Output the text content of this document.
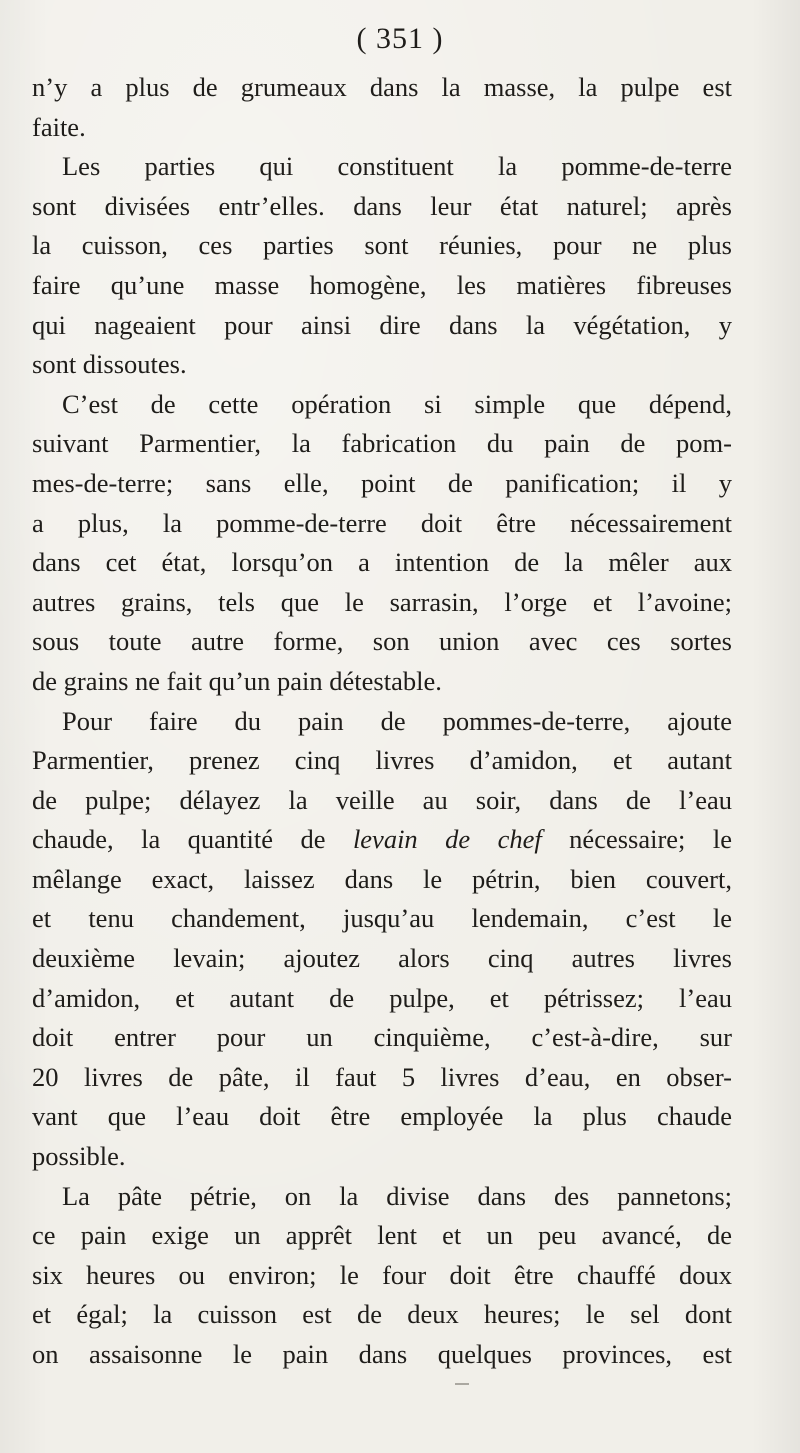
( 351 )
n’y a plus de grumeaux dans la masse, la pulpe est
faite.
Les parties qui constituent la pomme-de-terre
sont divisées entr’elles. dans leur état naturel; après
la cuisson, ces parties sont réunies, pour ne plus
faire qu’une masse homogène, les matières fibreuses
qui nageaient pour ainsi dire dans la végétation, y
sont dissoutes.
C’est de cette opération si simple que dépend,
suivant Parmentier, la fabrication du pain de pom-
mes-de-terre; sans elle, point de panification; il y
a plus, la pomme-de-terre doit être nécessairement
dans cet état, lorsqu’on a intention de la mêler aux
autres grains, tels que le sarrasin, l’orge et l’avoine;
sous toute autre forme, son union avec ces sortes
de grains ne fait qu’un pain détestable.
Pour faire du pain de pommes-de-terre, ajoute
Parmentier, prenez cinq livres d’amidon, et autant
de pulpe; délayez la veille au soir, dans de l’eau
chaude, la quantité de levain de chef nécessaire; le
mêlange exact, laissez dans le pétrin, bien couvert,
et tenu chandement, jusqu’au lendemain, c’est le
deuxième levain; ajoutez alors cinq autres livres
d’amidon, et autant de pulpe, et pétrissez; l’eau
doit entrer pour un cinquième, c’est-à-dire, sur
20 livres de pâte, il faut 5 livres d’eau, en obser-
vant que l’eau doit être employée la plus chaude
possible.
La pâte pétrie, on la divise dans des pannetons;
ce pain exige un apprêt lent et un peu avancé, de
six heures ou environ; le four doit être chauffé doux
et égal; la cuisson est de deux heures; le sel dont
on assaisonne le pain dans quelques provinces, est
